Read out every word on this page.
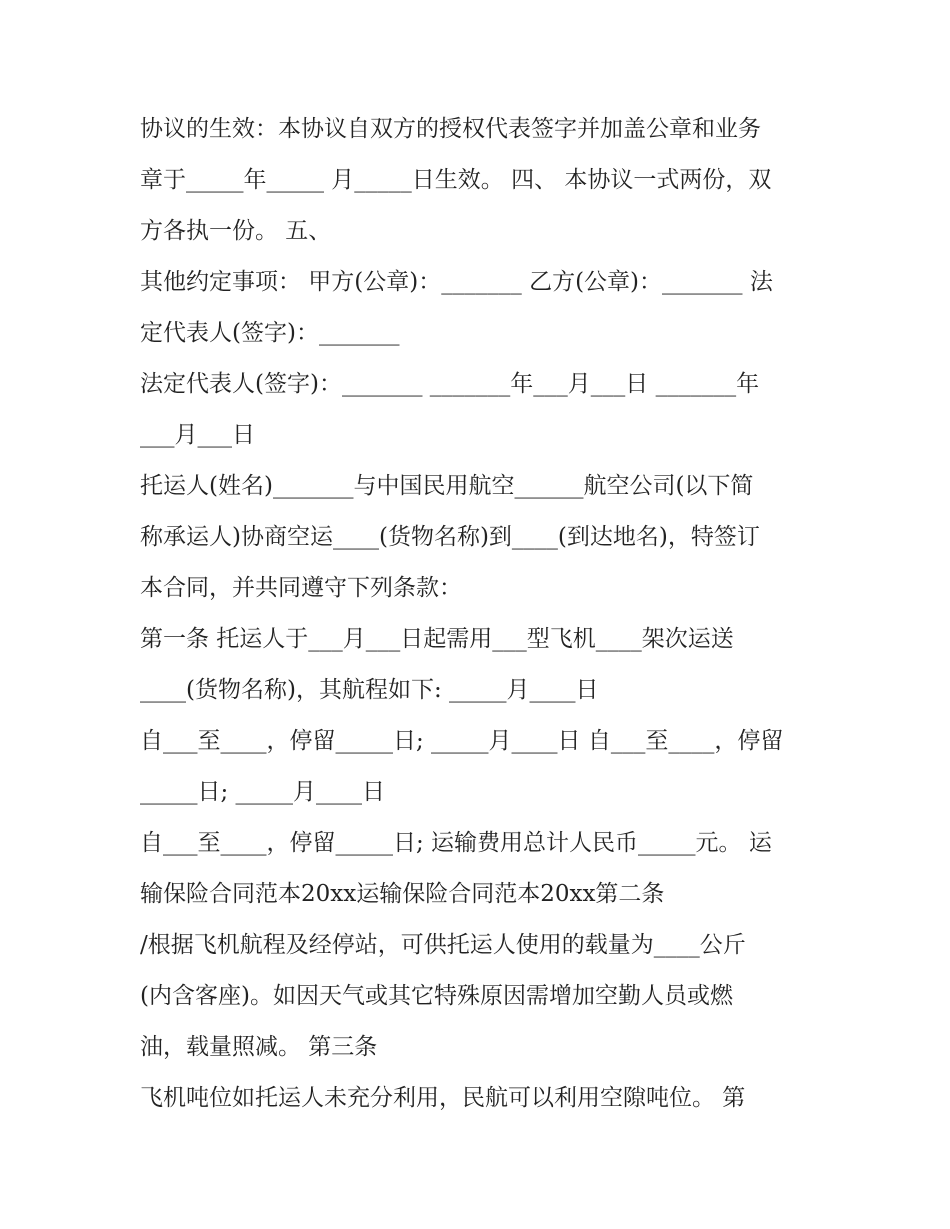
协议的生效：本协议自双方的授权代表签字并加盖公章和业务
章于_____年_____ 月_____日生效。 四、 本协议一式两份，双
方各执一份。 五、
其他约定事项： 甲方(公章)：_______ 乙方(公章)：_______ 法
定代表人(签字)：_______
法定代表人(签字)：_______ _______年___月___日 _______年
___月___日
托运人(姓名)_______与中国民用航空______航空公司(以下简
称承运人)协商空运____(货物名称)到____(到达地名)，特签订
本合同，并共同遵守下列条款：
第一条 托运人于___月___日起需用___型飞机____架次运送
____(货物名称)，其航程如下: _____月____日
自___至____，停留_____日; _____月____日 自___至____，停留
_____日; _____月____日
自___至____，停留_____日; 运输费用总计人民币_____元。 运
输保险合同范本20xx运输保险合同范本20xx第二条
/根据飞机航程及经停站，可供托运人使用的载量为____公斤
(内含客座)。如因天气或其它特殊原因需增加空勤人员或燃
油，载量照减。 第三条
飞机吨位如托运人未充分利用，民航可以利用空隙吨位。 第
